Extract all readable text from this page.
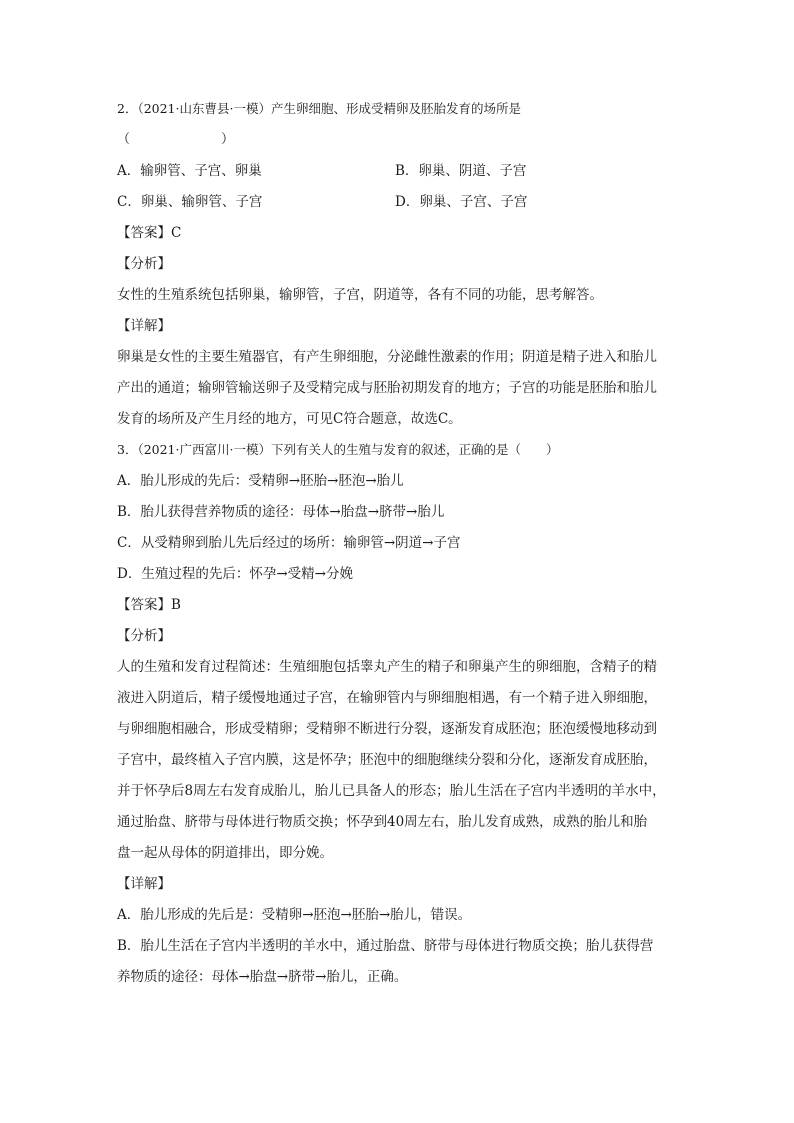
2．（2021·山东曹县·一模）产生卵细胞、形成受精卵及胚胎发育的场所是

（　　　　　　　）

A．输卵管、子宫、卵巢	B．卵巢、阴道、子宫
C．卵巢、输卵管、子宫	D．卵巢、子宫、子宫

【答案】C

【分析】

女性的生殖系统包括卵巢，输卵管，子宫，阴道等，各有不同的功能，思考解答。

【详解】

卵巢是女性的主要生殖器官，有产生卵细胞，分泌雌性激素的作用；阴道是精子进入和胎儿

产出的通道；输卵管输送卵子及受精完成与胚胎初期发育的地方；子宫的功能是胚胎和胎儿

发育的场所及产生月经的地方，可见C符合题意，故选C。

3．（2021·广西富川·一模）下列有关人的生殖与发育的叙述，正确的是（　　）

A．胎儿形成的先后：受精卵→胚胎→胚泡→胎儿

B．胎儿获得营养物质的途径：母体→胎盘→脐带→胎儿

C．从受精卵到胎儿先后经过的场所：输卵管→阴道→子宫

D．生殖过程的先后：怀孕→受精→分娩

【答案】B

【分析】

人的生殖和发育过程简述：生殖细胞包括睾丸产生的精子和卵巢产生的卵细胞，含精子的精

液进入阴道后，精子缓慢地通过子宫，在输卵管内与卵细胞相遇，有一个精子进入卵细胞，

与卵细胞相融合，形成受精卵；受精卵不断进行分裂，逐渐发育成胚泡；胚泡缓慢地移动到

子宫中，最终植入子宫内膜，这是怀孕；胚泡中的细胞继续分裂和分化，逐渐发育成胚胎，

并于怀孕后8周左右发育成胎儿，胎儿已具备人的形态；胎儿生活在子宫内半透明的羊水中，

通过胎盘、脐带与母体进行物质交换；怀孕到40周左右，胎儿发育成熟，成熟的胎儿和胎

盘一起从母体的阴道排出，即分娩。

【详解】

A．胎儿形成的先后是：受精卵→胚泡→胚胎→胎儿，错误。

B．胎儿生活在子宫内半透明的羊水中，通过胎盘、脐带与母体进行物质交换；胎儿获得营

养物质的途径：母体→胎盘→脐带→胎儿，正确。
